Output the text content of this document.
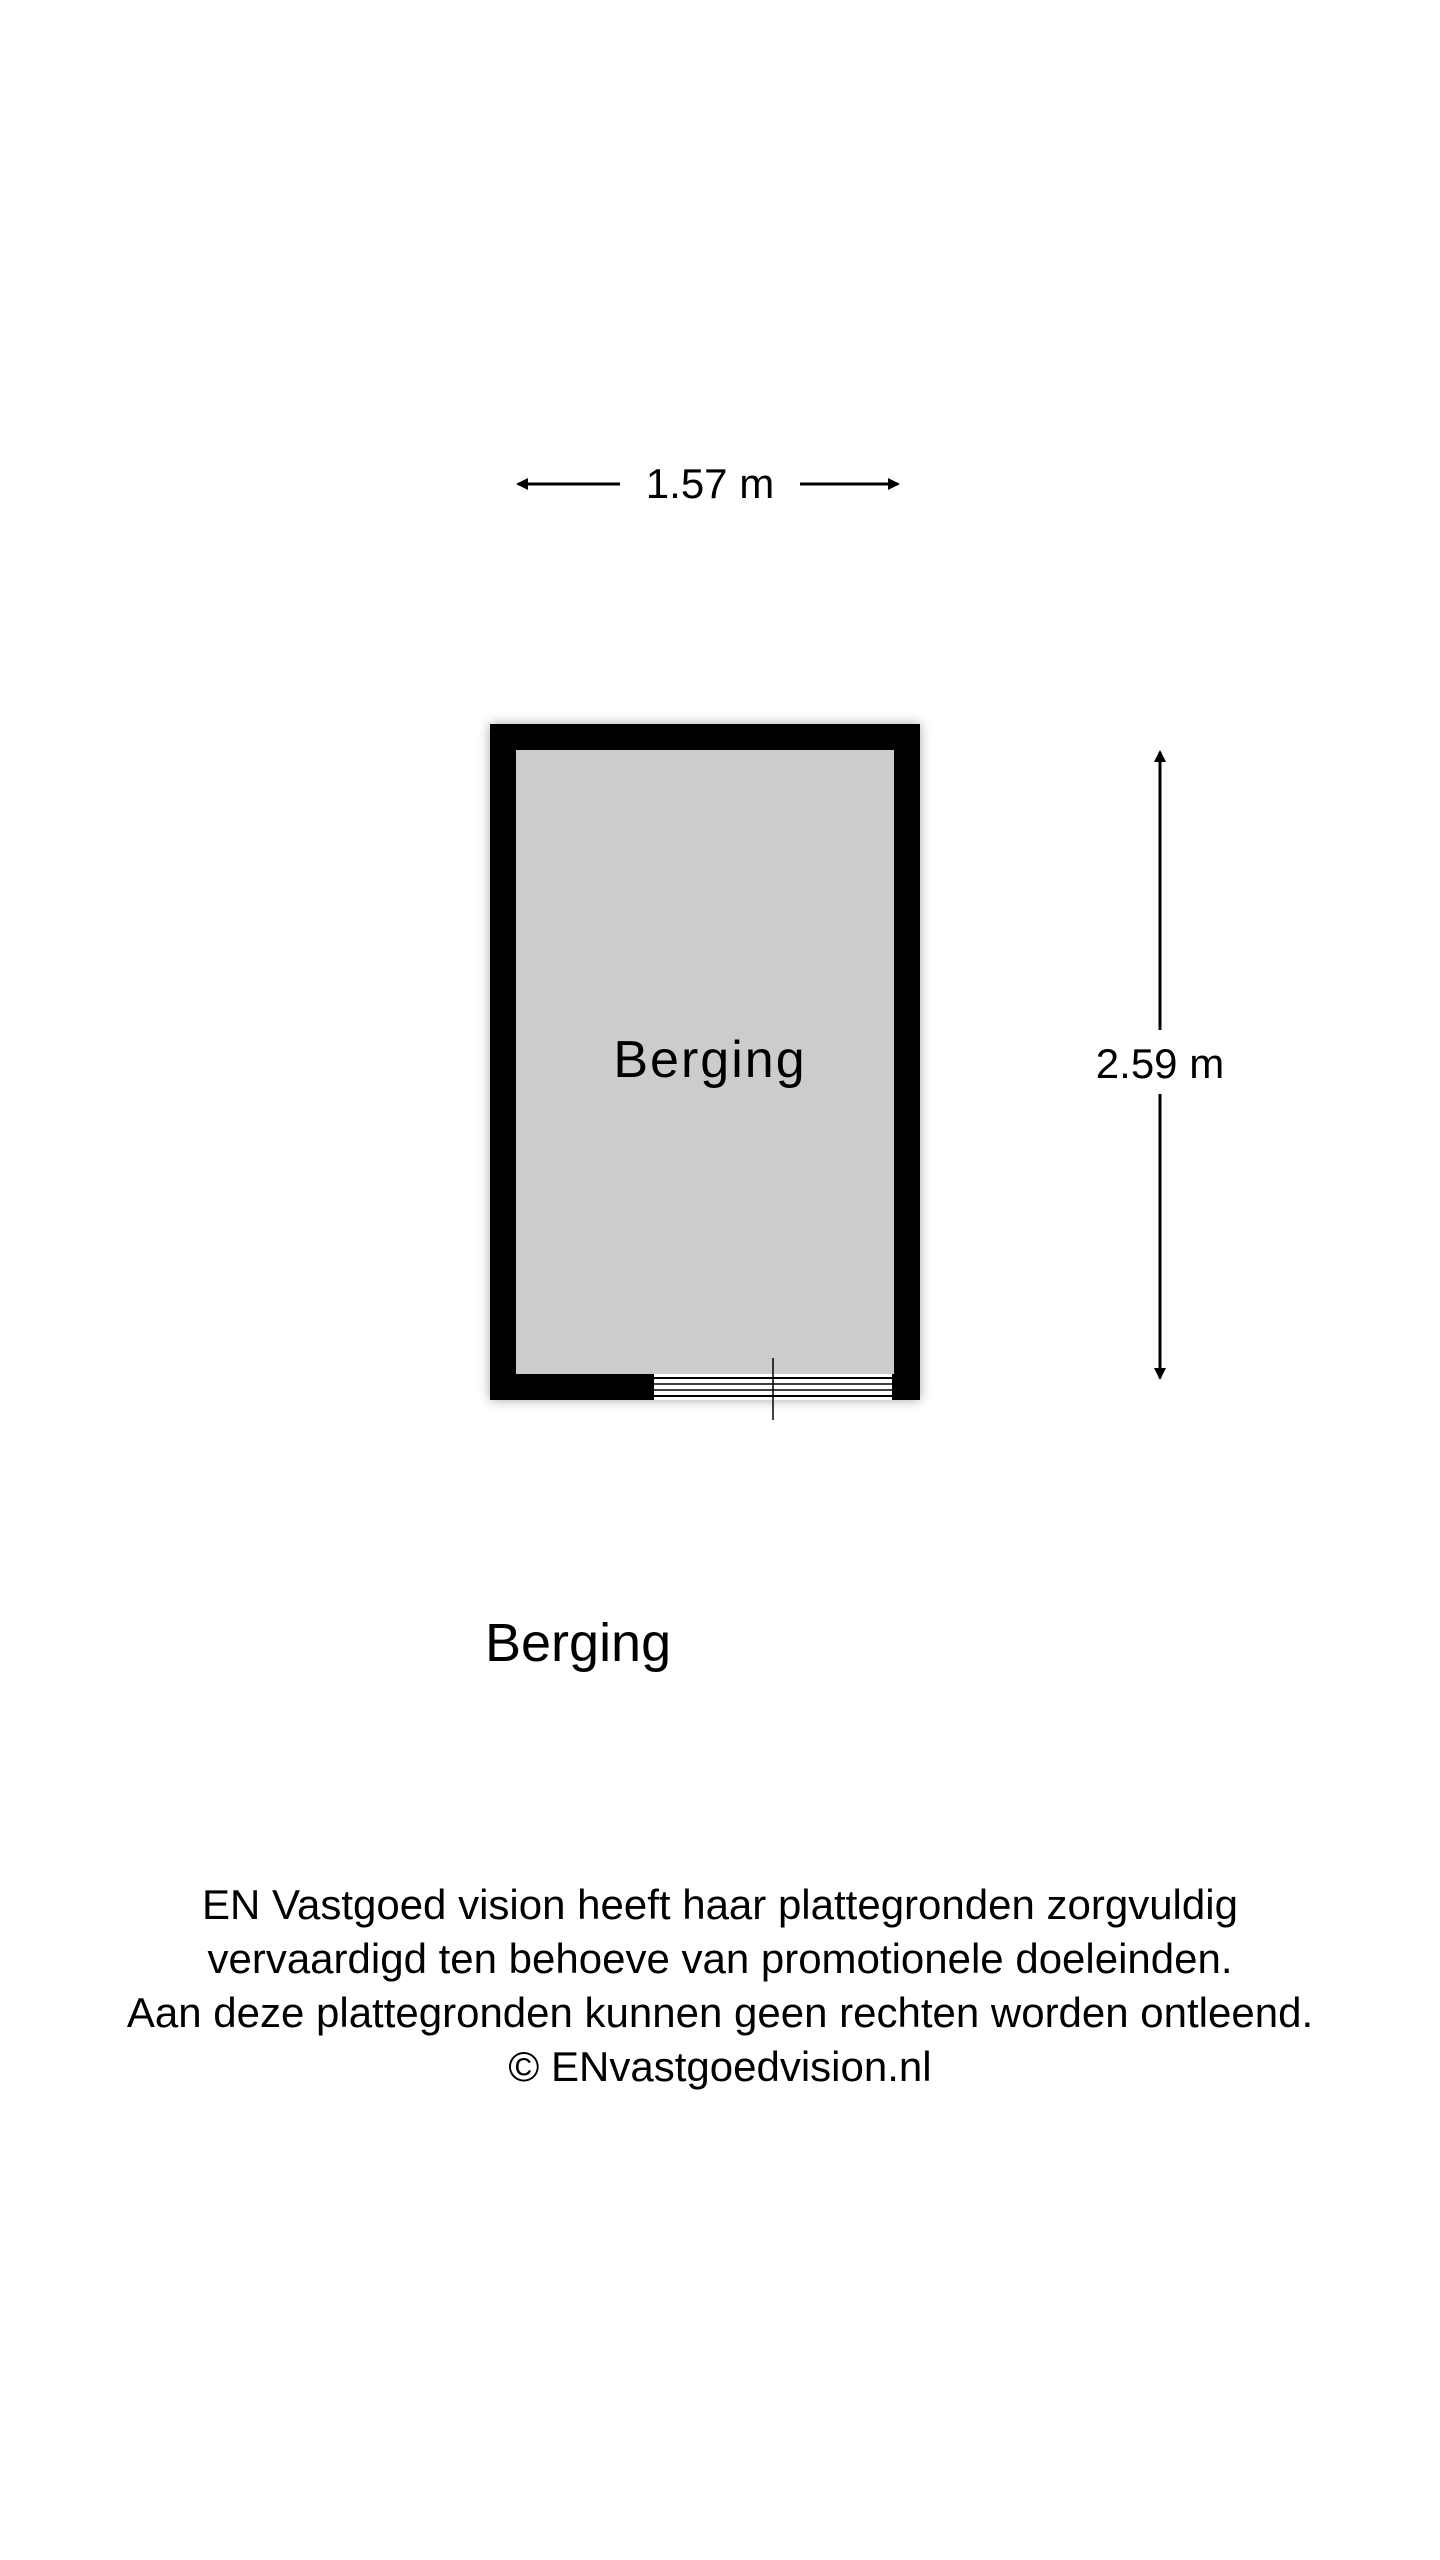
1.57 m
2.59 m
Berging
Berging
EN Vastgoed vision heeft haar plattegronden zorgvuldig
vervaardigd ten behoeve van promotionele doeleinden.
Aan deze plattegronden kunnen geen rechten worden ontleend.
© ENvastgoedvision.nl
